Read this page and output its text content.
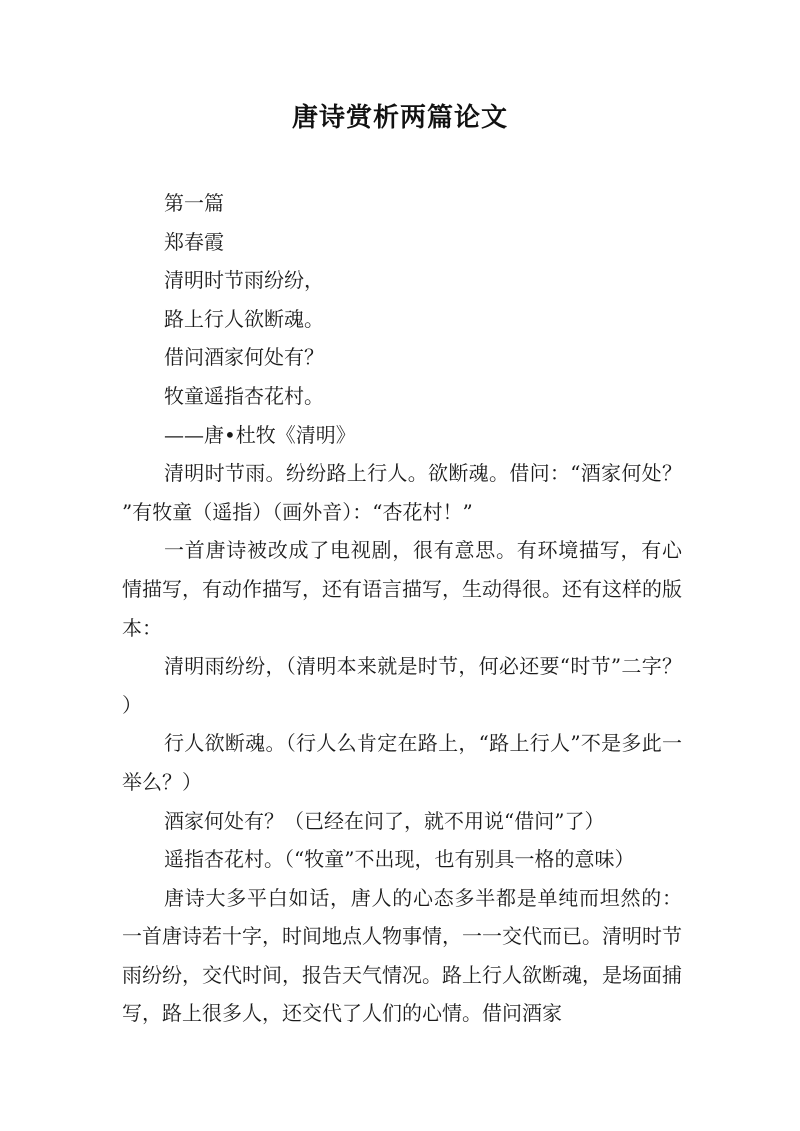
唐诗赏析两篇论文

第一篇

郑春霞

清明时节雨纷纷，

路上行人欲断魂。

借问酒家何处有？

牧童遥指杏花村。

——唐•杜牧《清明》

清明时节雨。纷纷路上行人。欲断魂。借问：“酒家何处？”有牧童（遥指）（画外音）：“杏花村！”

一首唐诗被改成了电视剧，很有意思。有环境描写，有心情描写，有动作描写，还有语言描写，生动得很。还有这样的版本：

清明雨纷纷，（清明本来就是时节，何必还要“时节”二字？）

行人欲断魂。（行人么肯定在路上，“路上行人”不是多此一举么？）

酒家何处有？（已经在问了，就不用说“借问”了）

遥指杏花村。（“牧童”不出现，也有别具一格的意味）

唐诗大多平白如话，唐人的心态多半都是单纯而坦然的：一首唐诗若十字，时间地点人物事情，一一交代而已。清明时节雨纷纷，交代时间，报告天气情况。路上行人欲断魂，是场面捕写，路上很多人，还交代了人们的心情。借问酒家
